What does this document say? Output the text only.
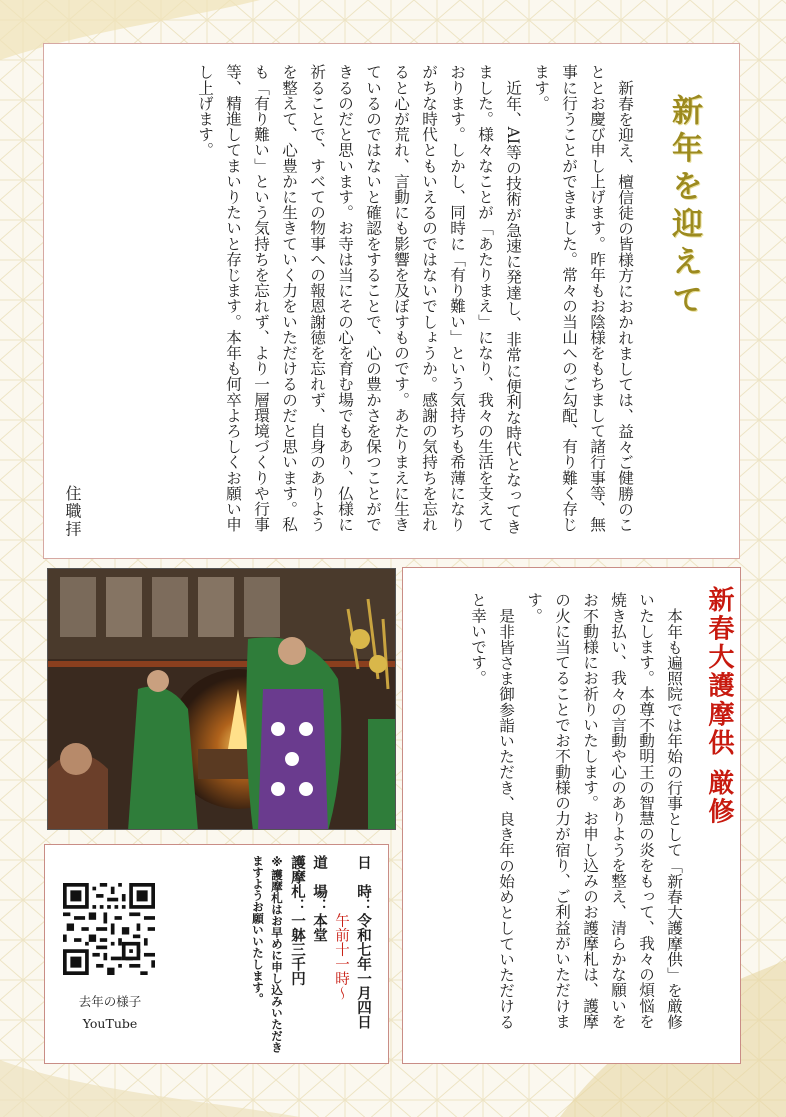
新年を迎えて

新春を迎え、檀信徒の皆様方におかれましては、益々ご健勝のこととお慶び申し上げます。昨年もお陰様をもちまして諸行事等、無事に行うことができました。常々の当山へのご勾配、有り難く存じます。

近年、AI等の技術が急速に発達し、非常に便利な時代となってきました。様々なことが「あたりまえ」になり、我々の生活を支えております。しかし、同時に「有り難い」という気持ちも希薄になりがちな時代ともいえるのではないでしょうか。感謝の気持ちを忘れると心が荒れ、言動にも影響を及ぼすものです。あたりまえに生きているのではないと確認をすることで、心の豊かさを保つことができるのだと思います。お寺は当にその心を育む場でもあり、仏様に祈ることで、すべての物事への報恩謝徳を忘れず、自身のありようを整えて、心豊かに生きていく力をいただけるのだと思います。私も「有り難い」という気持ちを忘れず、より一層環境づくりや行事等、精進してまいりたいと存じます。本年も何卒よろしくお願い申し上げます。

住職拝
新春大護摩供 厳修

本年も遍照院では年始の行事として「新春大護摩供」を厳修いたします。本尊不動明王の智慧の炎をもって、我々の煩悩を焼き払い、我々の言動や心のありようを整え、清らかな願いをお不動様にお祈りいたします。お申し込みのお護摩札は、護摩の火に当てることでお不動様の力が宿り、ご利益がいただけます。

是非皆さま御参詣いただき、良き年の始めとしていただけると幸いです。

日　時：令和七年一月四日
午前十一時〜
道　場：本堂
護摩札：一躰三千円
※護摩札はお早めに申し込みいただきますようお願いいたします。
去年の様子
YouTube
